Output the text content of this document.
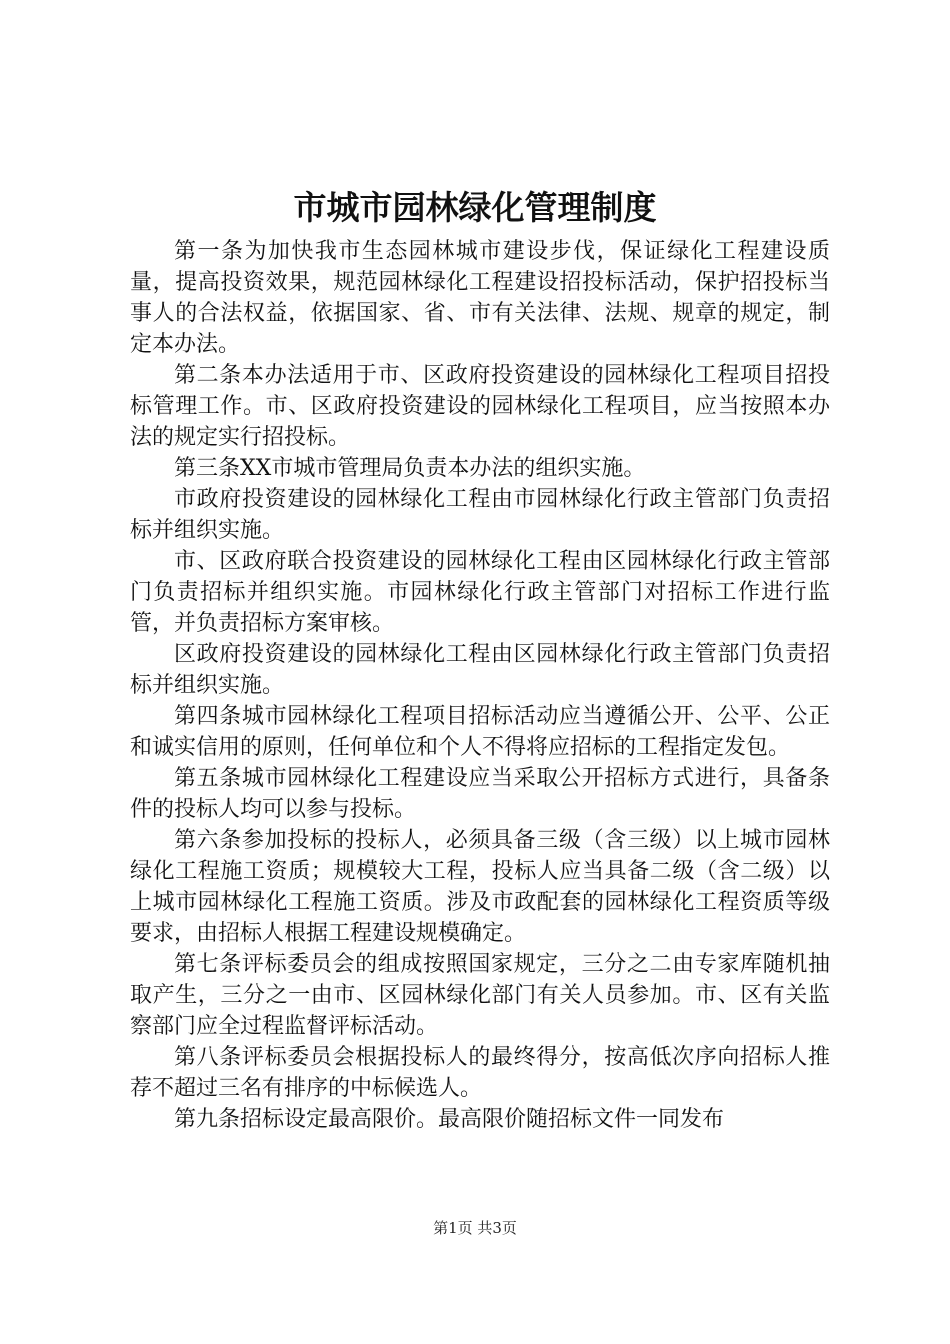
市城市园林绿化管理制度

第一条为加快我市生态园林城市建设步伐，保证绿化工程建设质量，提高投资效果，规范园林绿化工程建设招投标活动，保护招投标当事人的合法权益，依据国家、省、市有关法律、法规、规章的规定，制定本办法。

第二条本办法适用于市、区政府投资建设的园林绿化工程项目招投标管理工作。市、区政府投资建设的园林绿化工程项目，应当按照本办法的规定实行招投标。

第三条XX市城市管理局负责本办法的组织实施。

市政府投资建设的园林绿化工程由市园林绿化行政主管部门负责招标并组织实施。

市、区政府联合投资建设的园林绿化工程由区园林绿化行政主管部门负责招标并组织实施。市园林绿化行政主管部门对招标工作进行监管，并负责招标方案审核。

区政府投资建设的园林绿化工程由区园林绿化行政主管部门负责招标并组织实施。

第四条城市园林绿化工程项目招标活动应当遵循公开、公平、公正和诚实信用的原则，任何单位和个人不得将应招标的工程指定发包。

第五条城市园林绿化工程建设应当采取公开招标方式进行，具备条件的投标人均可以参与投标。

第六条参加投标的投标人，必须具备三级（含三级）以上城市园林绿化工程施工资质；规模较大工程，投标人应当具备二级（含二级）以上城市园林绿化工程施工资质。涉及市政配套的园林绿化工程资质等级要求，由招标人根据工程建设规模确定。

第七条评标委员会的组成按照国家规定，三分之二由专家库随机抽取产生，三分之一由市、区园林绿化部门有关人员参加。市、区有关监察部门应全过程监督评标活动。

第八条评标委员会根据投标人的最终得分，按高低次序向招标人推荐不超过三名有排序的中标候选人。

第九条招标设定最高限价。最高限价随招标文件一同发布

第1页 共3页
